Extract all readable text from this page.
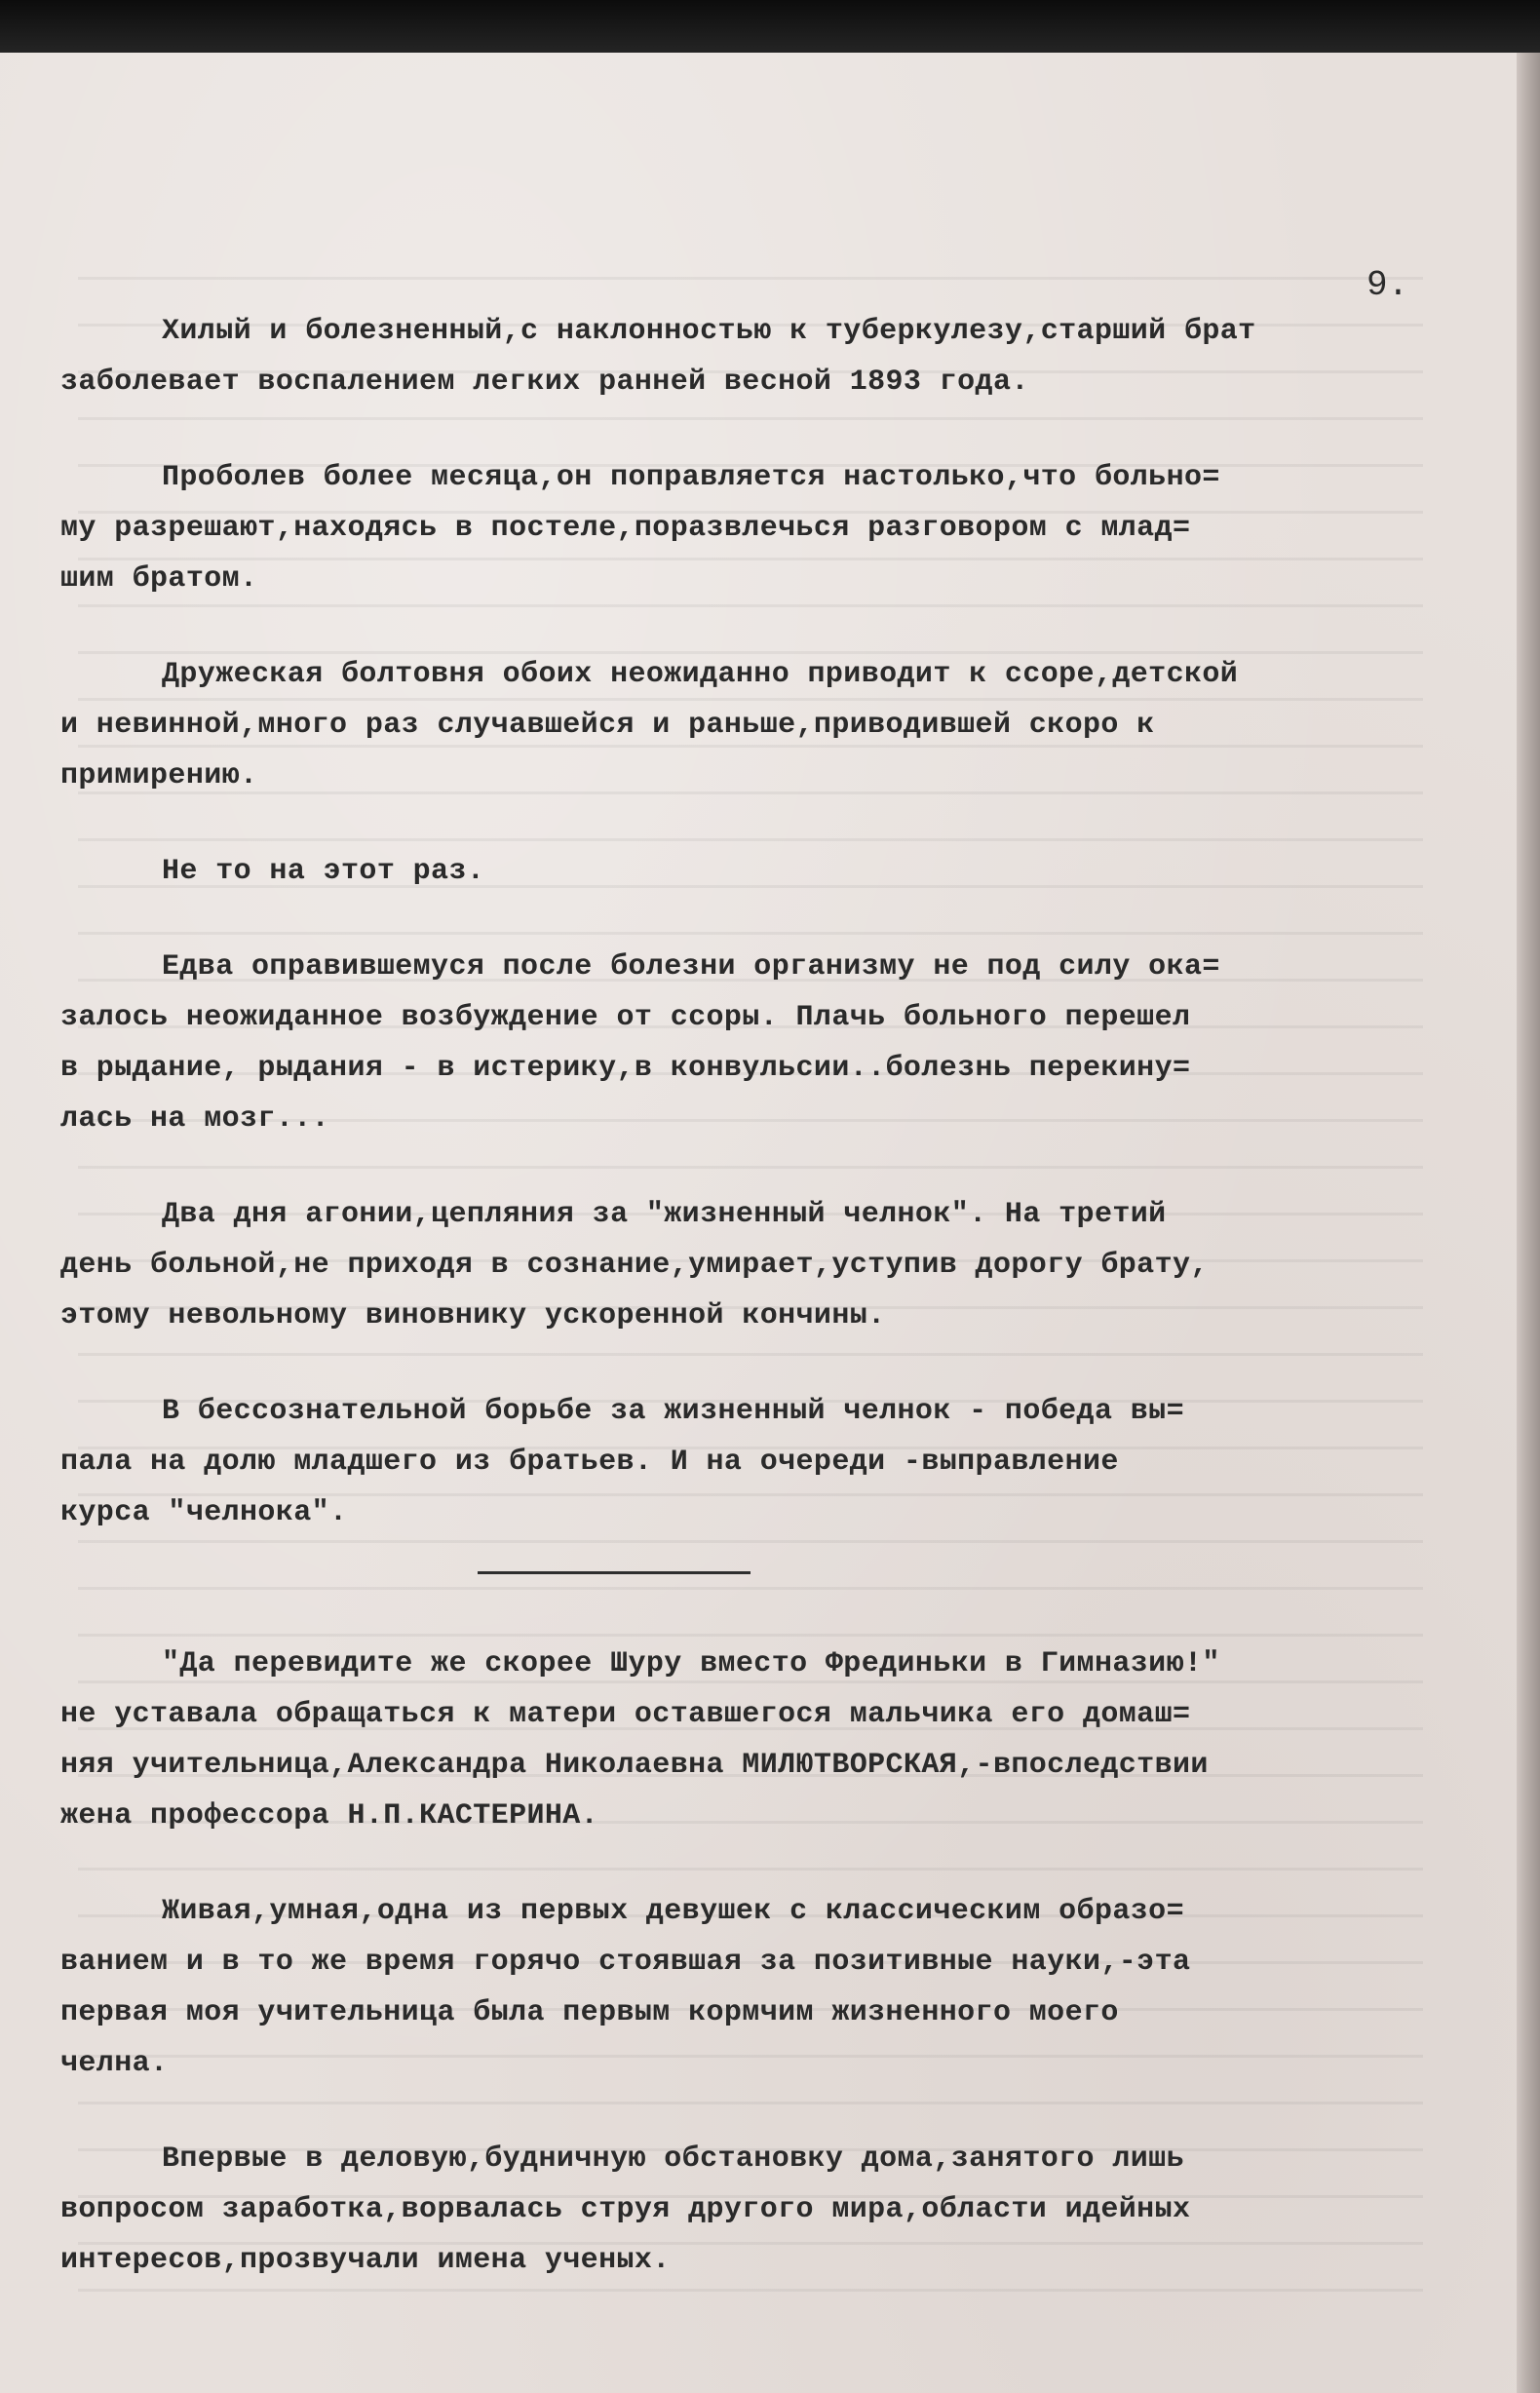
9.

Хилый и болезненный,с наклонностью к туберкулезу,старший брат
заболевает воспалением легких ранней весной 1893 года.

Проболев более месяца,он поправляется настолько,что больно=
му разрешают,находясь в постеле,поразвлечься разговором с млад=
шим братом.

Дружеская болтовня обоих неожиданно приводит к ссоре,детской
и невинной,много раз случавшейся и раньше,приводившей скоро к
примирению.

Не то на этот раз.

Едва оправившемуся после болезни организму не под силу ока=
залось неожиданное возбуждение от ссоры. Плачь больного перешел
в рыдание, рыдания - в истерику,в конвульсии..болезнь перекину=
лась на мозг...

Два дня агонии,цепляния за "жизненный челнок". На третий
день больной,не приходя в сознание,умирает,уступив дорогу брату,
этому невольному виновнику ускоренной кончины.

В бессознательной борьбе за жизненный челнок - победа вы=
пала на долю младшего из братьев. И на очереди -выправление
курса "челнока".

"Да перевидите же скорее Шуру вместо Фрединьки в Гимназию!"
не уставала обращаться к матери оставшегося мальчика его домаш=
няя учительница,Александра Николаевна МИЛЮТВОРСКАЯ,-впоследствии
жена профессора Н.П.КАСТЕРИНА.

Живая,умная,одна из первых девушек с классическим образо=
ванием и в то же время горячо стоявшая за позитивные науки,-эта
первая моя учительница была первым кормчим жизненного моего
челна.

Впервые в деловую,будничную обстановку дома,занятого лишь
вопросом заработка,ворвалась струя другого мира,области идейных
интересов,прозвучали имена ученых.
